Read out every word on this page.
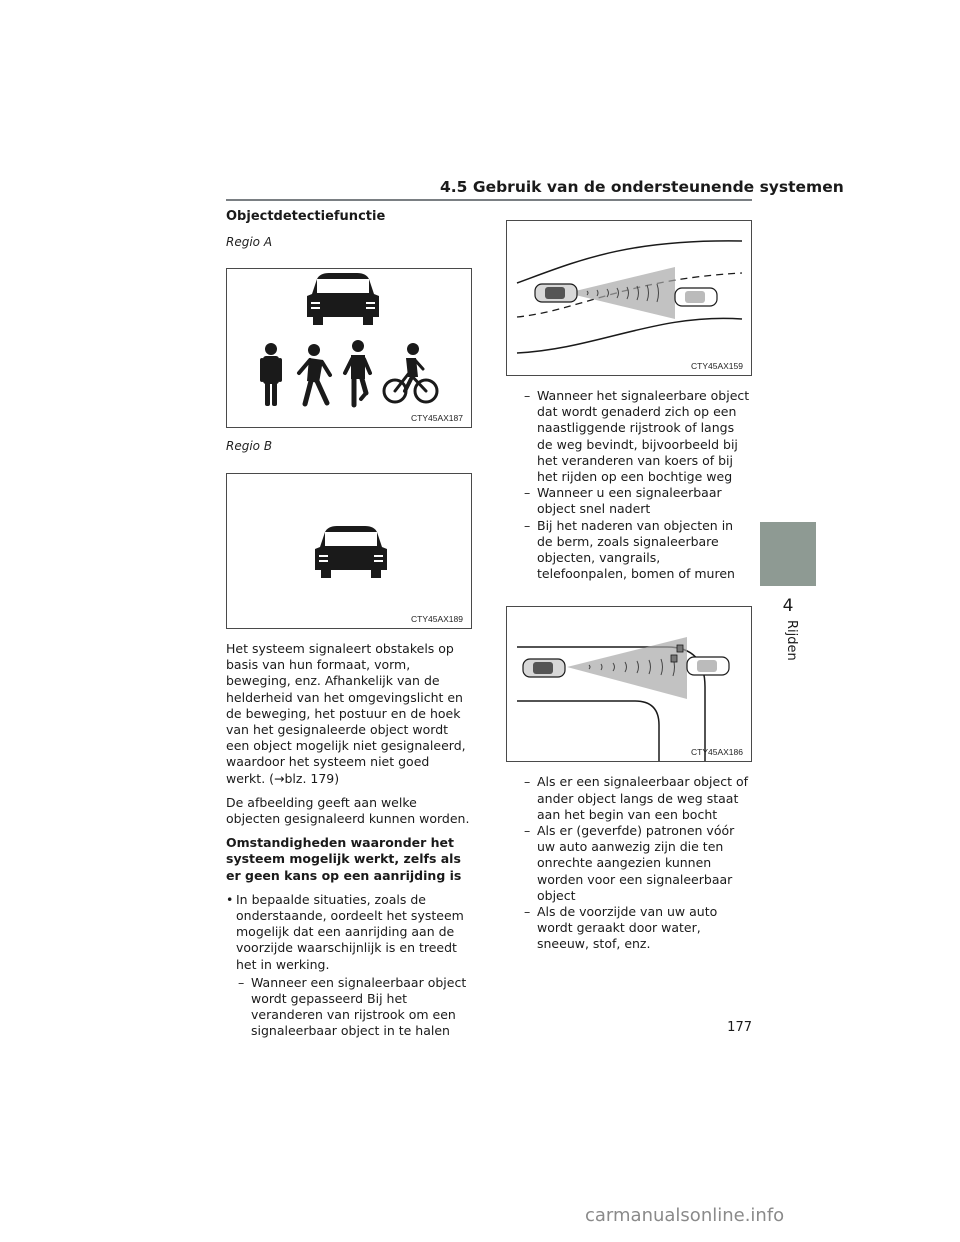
4.5 Gebruik van de ondersteunende systemen
4
Rijden
Objectdetectiefunctie
Regio A
CTY45AX187
Regio B
CTY45AX189

Het systeem signaleert obstakels op basis van hun formaat, vorm, beweging, enz. Afhankelijk van de helderheid van het omgevingslicht en de beweging, het postuur en de hoek van het gesignaleerde object wordt een object mogelijk niet gesignaleerd, waardoor het systeem niet goed werkt. (→blz. 179)

De afbeelding geeft aan welke objecten gesignaleerd kunnen worden.

Omstandigheden waaronder het systeem mogelijk werkt, zelfs als er geen kans op een aanrijding is
• In bepaalde situaties, zoals de onderstaande, oordeelt het systeem mogelijk dat een aanrijding aan de voorzijde waarschijnlijk is en treedt het in werking.
– Wanneer een signaleerbaar object wordt gepasseerd Bij het veranderen van rijstrook om een signaleerbaar object in te halen
CTY45AX159
– Wanneer het signaleerbare object dat wordt genaderd zich op een naastliggende rijstrook of langs de weg bevindt, bijvoorbeeld bij het veranderen van koers of bij het rijden op een bochtige weg
– Wanneer u een signaleerbaar object snel nadert
– Bij het naderen van objecten in de berm, zoals signaleerbare objecten, vangrails, telefoonpalen, bomen of muren
CTY45AX186
– Als er een signaleerbaar object of ander object langs de weg staat aan het begin van een bocht
– Als er (geverfde) patronen vóór uw auto aanwezig zijn die ten onrechte aangezien kunnen worden voor een signaleerbaar object
– Als de voorzijde van uw auto wordt geraakt door water, sneeuw, stof, enz.
177
carmanualsonline.info
